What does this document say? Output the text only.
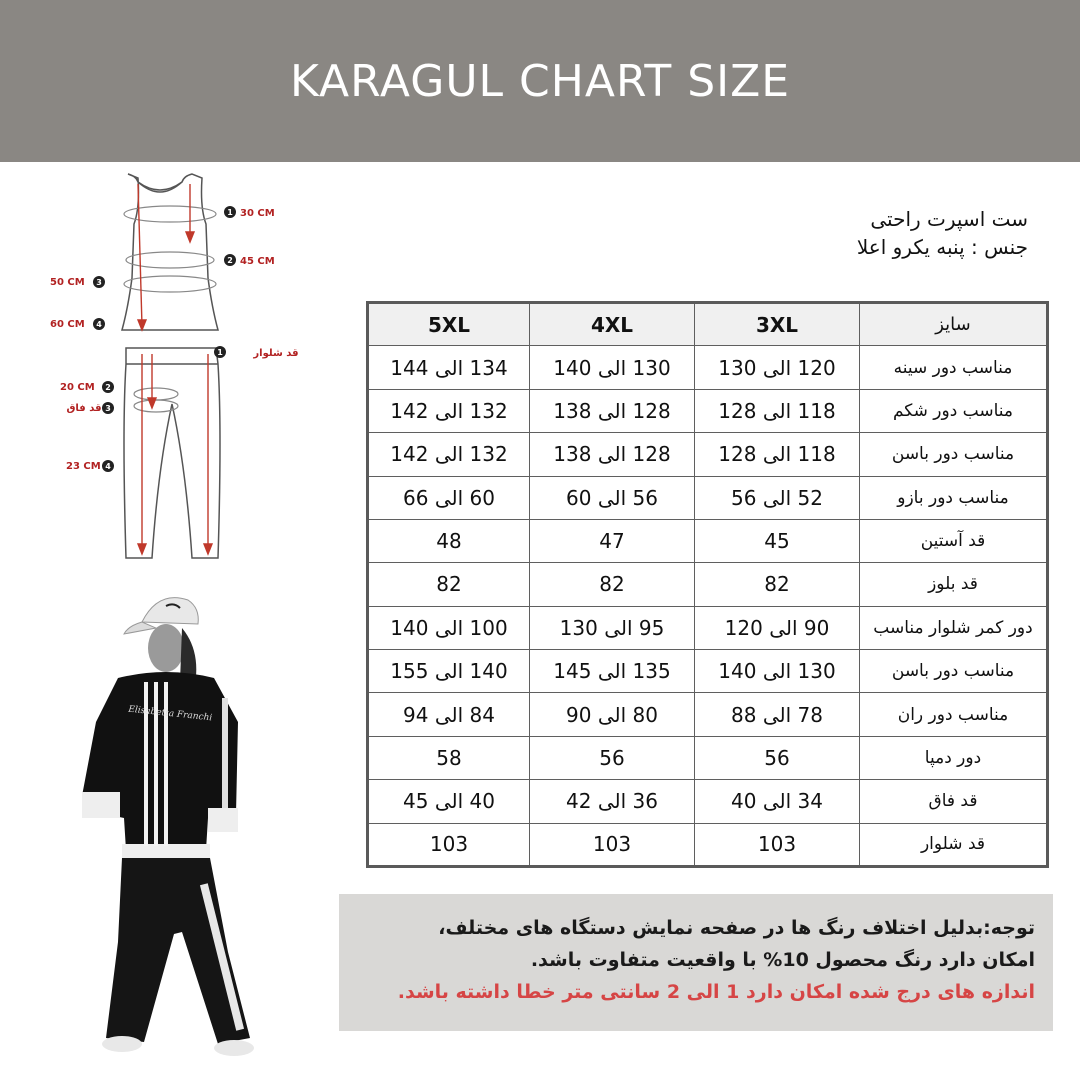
KARAGUL CHART SIZE
ست اسپرت راحتی
جنس : پنبه یکرو اعلا
1 30 CM
2 45 CM
50 CM 3
60 CM 4
1	قد شلوار
20 CM 2
قد فاق 3
23 CM 4
Elisabetta Franchi
5XL	4XL	3XL	سایز
134 الی 144	130 الی 140	120 الی 130	مناسب دور سینه
132 الی 142	128 الی 138	118 الی 128	مناسب دور شکم
132 الی 142	128 الی 138	118 الی 128	مناسب دور باسن
60 الی 66	56 الی 60	52 الی 56	مناسب دور بازو
48	47	45	قد آستین
82	82	82	قد بلوز
100 الی 140	95 الی 130	90 الی 120	دور کمر شلوار مناسب
140 الی 155	135 الی 145	130 الی 140	مناسب دور باسن
84 الی 94	80 الی 90	78 الی 88	مناسب دور ران
58	56	56	دور دمپا
40 الی 45	36 الی 42	34 الی 40	قد فاق
103	103	103	قد شلوار
توجه:بدلیل اختلاف رنگ ها در صفحه نمایش دستگاه های مختلف،
امکان دارد رنگ محصول 10% با واقعیت متفاوت باشد.
اندازه های درج شده امکان دارد 1 الی 2 سانتی متر خطا داشته باشد.
